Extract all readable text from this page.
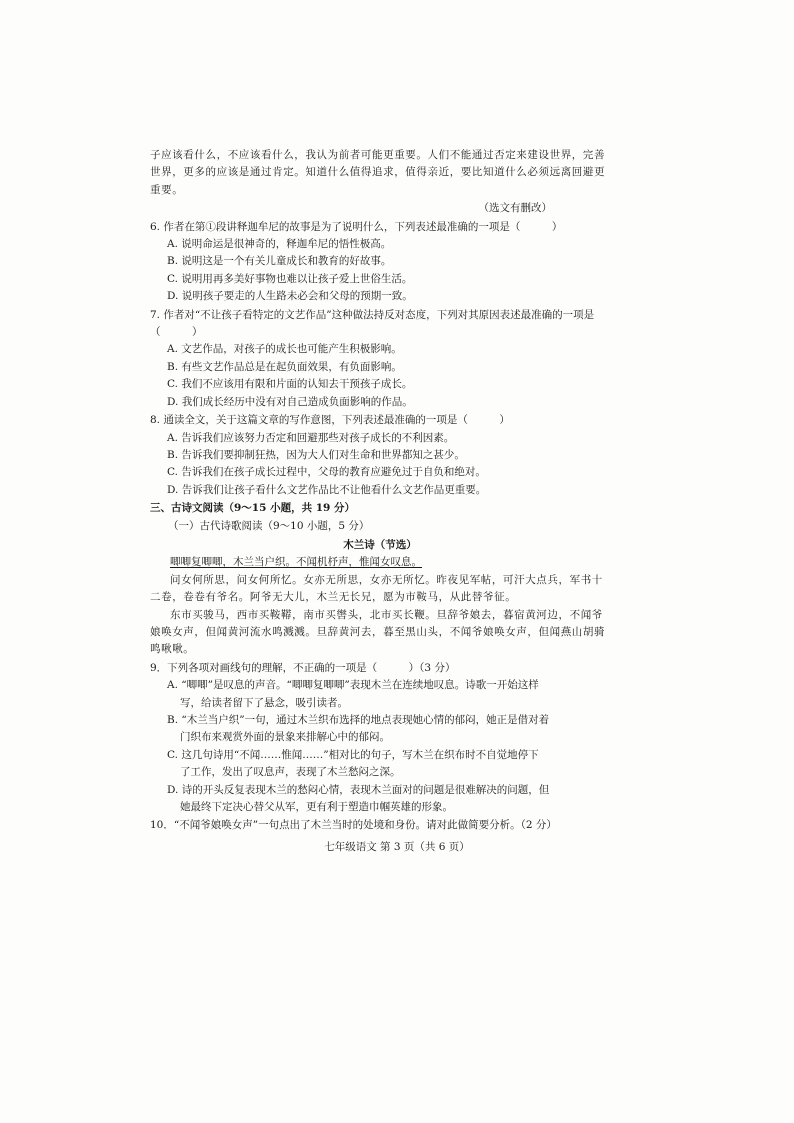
子应该看什么，不应该看什么，我认为前者可能更重要。人们不能通过否定来建设世界，完善世界，更多的应该是通过肯定。知道什么值得追求，值得亲近，要比知道什么必须远离回避更重要。

（选文有删改）

6. 作者在第①段讲释迦牟尼的故事是为了说明什么，下列表述最准确的一项是（　　　）

A. 说明命运是很神奇的，释迦牟尼的悟性极高。

B. 说明这是一个有关儿童成长和教育的好故事。

C. 说明用再多美好事物也难以让孩子爱上世俗生活。

D. 说明孩子要走的人生路未必会和父母的预期一致。

7. 作者对“不让孩子看特定的文艺作品”这种做法持反对态度，下列对其原因表述最准确的一项是（　　　）

A. 文艺作品，对孩子的成长也可能产生积极影响。

B. 有些文艺作品总是在起负面效果，有负面影响。

C. 我们不应该用有限和片面的认知去干预孩子成长。

D. 我们成长经历中没有对自己造成负面影响的作品。

8. 通读全文，关于这篇文章的写作意图，下列表述最准确的一项是（　　　）

A. 告诉我们应该努力否定和回避那些对孩子成长的不利因素。

B. 告诉我们要抑制狂热，因为大人们对生命和世界都知之甚少。

C. 告诉我们在孩子成长过程中，父母的教育应避免过于自负和绝对。

D. 告诉我们让孩子看什么文艺作品比不让他看什么文艺作品更重要。

三、古诗文阅读（9～15 小题，共 19 分）

（一）古代诗歌阅读（9～10 小题，5 分）

木兰诗（节选）

唧唧复唧唧，木兰当户织。不闻机杼声，惟闻女叹息。

问女何所思，问女何所忆。女亦无所思，女亦无所忆。昨夜见军帖，可汗大点兵，军书十二卷，卷卷有爷名。阿爷无大儿，木兰无长兄，愿为市鞍马，从此替爷征。

东市买骏马，西市买鞍鞯，南市买辔头，北市买长鞭。旦辞爷娘去，暮宿黄河边，不闻爷娘唤女声，但闻黄河流水鸣溅溅。旦辞黄河去，暮至黑山头，不闻爷娘唤女声，但闻燕山胡骑鸣啾啾。

9．下列各项对画线句的理解，不正确的一项是（　　　）（3 分）

A. “唧唧”是叹息的声音。“唧唧复唧唧”表现木兰在连续地叹息。诗歌一开始这样

写，给读者留下了悬念，吸引读者。

B. “木兰当户织”一句，通过木兰织布选择的地点表现她心情的郁闷，她正是借对着

门织布来观赏外面的景象来排解心中的郁闷。

C. 这几句诗用“不闻……惟闻……”相对比的句子，写木兰在织布时不自觉地停下

了工作，发出了叹息声，表现了木兰愁闷之深。

D. 诗的开头反复表现木兰的愁闷心情，表现木兰面对的问题是很难解决的问题，但

她最终下定决心替父从军，更有利于塑造巾帼英雄的形象。

10．“不闻爷娘唤女声”一句点出了木兰当时的处境和身份。请对此做简要分析。（2 分）

七年级语文 第 3 页（共 6 页）
